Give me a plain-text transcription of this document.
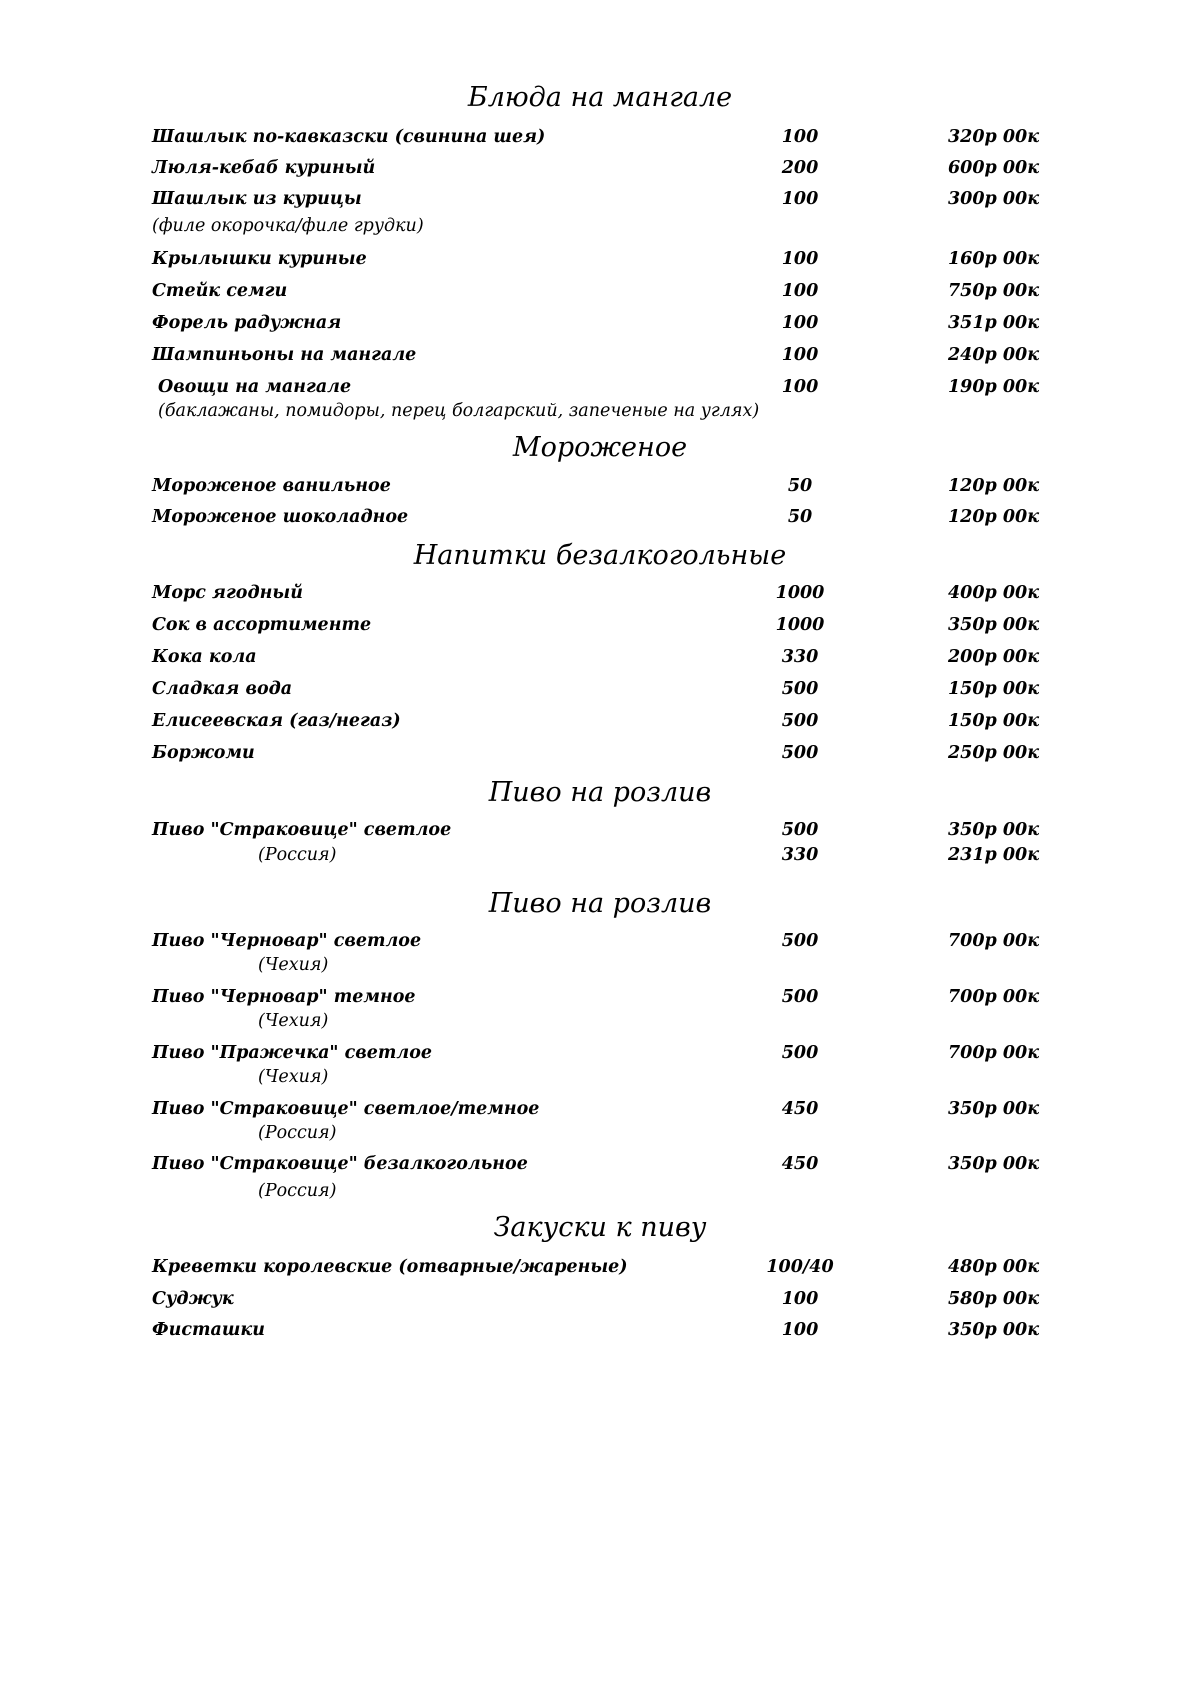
Блюда на мангале
Шашлык по-кавказски (свинина шея)	100	320р 00к
Люля-кебаб куриный	200	600р 00к
Шашлык из курицы	100	300р 00к
(филе окорочка/филе грудки)
Крылышки куриные	100	160р 00к
Стейк семги	100	750р 00к
Форель радужная	100	351р 00к
Шампиньоны на мангале	100	240р 00к
Овощи на мангале	100	190р 00к
(баклажаны, помидоры, перец болгарский, запеченые на углях)
Мороженое
Мороженое ванильное	50	120р 00к
Мороженое шоколадное	50	120р 00к
Напитки безалкогольные
Морс ягодный	1000	400р 00к
Сок в ассортименте	1000	350р 00к
Кока кола	330	200р 00к
Сладкая вода	500	150р 00к
Елисеевская (газ/негаз)	500	150р 00к
Боржоми	500	250р 00к
Пиво на розлив
Пиво "Страковице" светлое	500	350р 00к
(Россия)	330	231р 00к
Пиво на розлив
Пиво "Черновар" светлое	500	700р 00к
(Чехия)
Пиво "Черновар" темное	500	700р 00к
(Чехия)
Пиво "Пражечка" светлое	500	700р 00к
(Чехия)
Пиво "Страковице" светлое/темное	450	350р 00к
(Россия)
Пиво "Страковице" безалкогольное	450	350р 00к
(Россия)
Закуски к пиву
Креветки королевские (отварные/жареные)	100/40	480р 00к
Суджук	100	580р 00к
Фисташки	100	350р 00к
